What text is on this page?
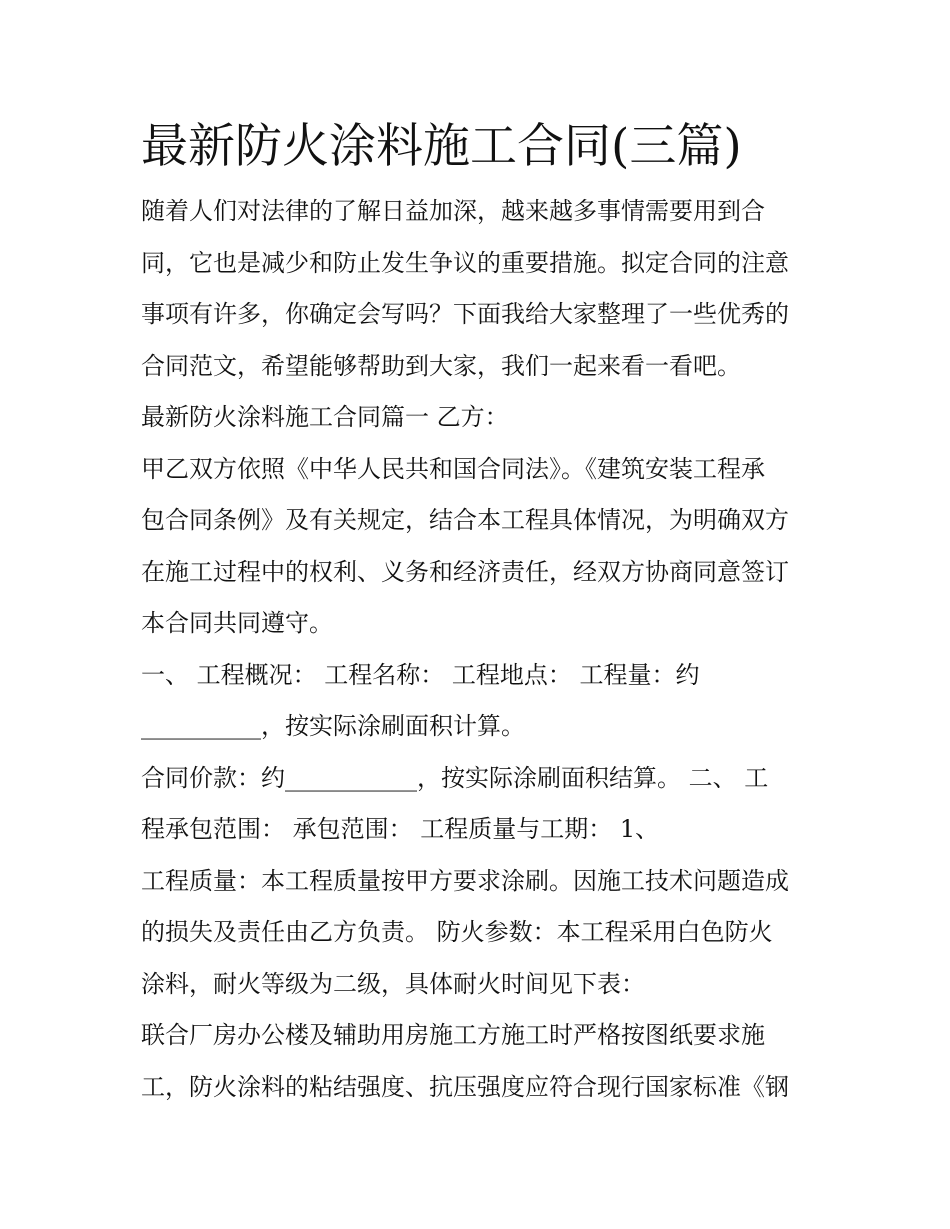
最新防火涂料施工合同(三篇)
随着人们对法律的了解日益加深，越来越多事情需要用到合
同，它也是减少和防止发生争议的重要措施。拟定合同的注意
事项有许多，你确定会写吗？下面我给大家整理了一些优秀的
合同范文，希望能够帮助到大家，我们一起来看一看吧。
最新防火涂料施工合同篇一 乙方：
甲乙双方依照《中华人民共和国合同法》。《建筑安装工程承
包合同条例》及有关规定，结合本工程具体情况，为明确双方
在施工过程中的权利、义务和经济责任，经双方协商同意签订
本合同共同遵守。
一、 工程概况： 工程名称： 工程地点： 工程量：约
__________，按实际涂刷面积计算。
合同价款：约___________，按实际涂刷面积结算。 二、 工
程承包范围： 承包范围： 工程质量与工期： 1、
工程质量：本工程质量按甲方要求涂刷。因施工技术问题造成
的损失及责任由乙方负责。 防火参数：本工程采用白色防火
涂料，耐火等级为二级，具体耐火时间见下表：
联合厂房办公楼及辅助用房施工方施工时严格按图纸要求施
工，防火涂料的粘结强度、抗压强度应符合现行国家标准《钢
